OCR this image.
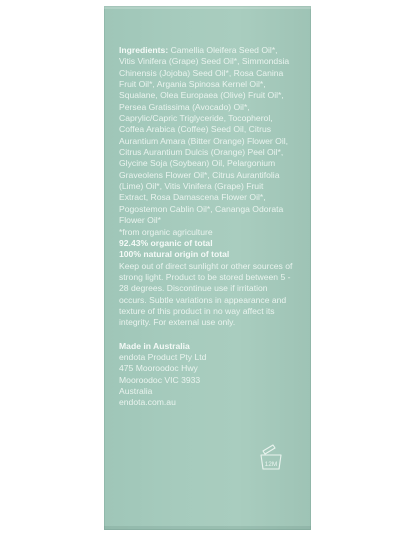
Ingredients: Camellia Oleifera Seed Oil*, Vitis Vinifera (Grape) Seed Oil*, Simmondsia Chinensis (Jojoba) Seed Oil*, Rosa Canina Fruit Oil*, Argania Spinosa Kernel Oil*, Squalane, Olea Europaea (Olive) Fruit Oil*, Persea Gratissima (Avocado) Oil*, Caprylic/Capric Triglyceride, Tocopherol, Coffea Arabica (Coffee) Seed Oil, Citrus Aurantium Amara (Bitter Orange) Flower Oil, Citrus Aurantium Dulcis (Orange) Peel Oil*, Glycine Soja (Soybean) Oil, Pelargonium Graveolens Flower Oil*, Citrus Aurantifolia (Lime) Oil*, Vitis Vinifera (Grape) Fruit Extract, Rosa Damascena Flower Oil*, Pogostemon Cablin Oil*, Cananga Odorata Flower Oil*

*from organic agriculture

92.43% organic of total

100% natural origin of total

Keep out of direct sunlight or other sources of strong light. Product to be stored between 5 - 28 degrees. Discontinue use if irritation occurs. Subtle variations in appearance and texture of this product in no way affect its integrity. For external use only.

Made in Australia
endota Product Pty Ltd
475 Mooroodoc Hwy
Mooroodoc VIC 3933
Australia
endota.com.au
12M
